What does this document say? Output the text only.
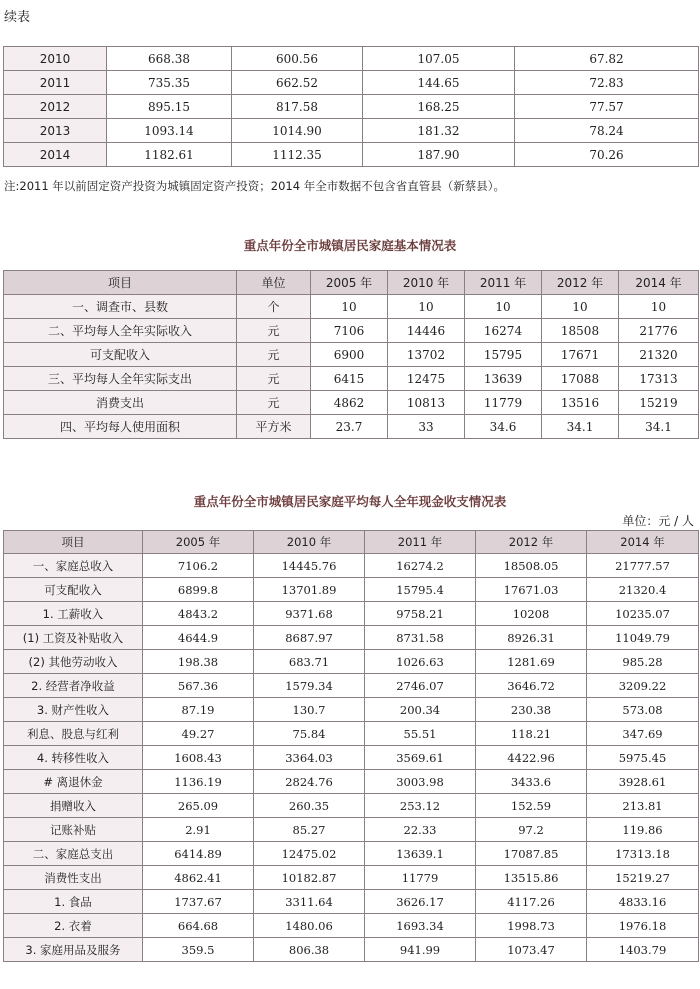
续表
2010	668.38	600.56	107.05	67.82
2011	735.35	662.52	144.65	72.83
2012	895.15	817.58	168.25	77.57
2013	1093.14	1014.90	181.32	78.24
2014	1182.61	1112.35	187.90	70.26
注:2011 年以前固定资产投资为城镇固定资产投资；2014 年全市数据不包含省直管县（新蔡县）。
重点年份全市城镇居民家庭基本情况表
项目	单位	2005 年	2010 年	2011 年	2012 年	2014 年
一、调查市、县数	个	10	10	10	10	10
二、平均每人全年实际收入	元	7106	14446	16274	18508	21776
可支配收入	元	6900	13702	15795	17671	21320
三、平均每人全年实际支出	元	6415	12475	13639	17088	17313
消费支出	元	4862	10813	11779	13516	15219
四、平均每人使用面积	平方米	23.7	33	34.6	34.1	34.1
重点年份全市城镇居民家庭平均每人全年现金收支情况表
单位：元 / 人
项目	2005 年	2010 年	2011 年	2012 年	2014 年
一、家庭总收入	7106.2	14445.76	16274.2	18508.05	21777.57
可支配收入	6899.8	13701.89	15795.4	17671.03	21320.4
1. 工薪收入	4843.2	9371.68	9758.21	10208	10235.07
(1) 工资及补贴收入	4644.9	8687.97	8731.58	8926.31	11049.79
(2) 其他劳动收入	198.38	683.71	1026.63	1281.69	985.28
2. 经营者净收益	567.36	1579.34	2746.07	3646.72	3209.22
3. 财产性收入	87.19	130.7	200.34	230.38	573.08
利息、股息与红利	49.27	75.84	55.51	118.21	347.69
4. 转移性收入	1608.43	3364.03	3569.61	4422.96	5975.45
# 离退休金	1136.19	2824.76	3003.98	3433.6	3928.61
捐赠收入	265.09	260.35	253.12	152.59	213.81
记账补贴	2.91	85.27	22.33	97.2	119.86
二、家庭总支出	6414.89	12475.02	13639.1	17087.85	17313.18
消费性支出	4862.41	10182.87	11779	13515.86	15219.27
1. 食品	1737.67	3311.64	3626.17	4117.26	4833.16
2. 衣着	664.68	1480.06	1693.34	1998.73	1976.18
3. 家庭用品及服务	359.5	806.38	941.99	1073.47	1403.79
